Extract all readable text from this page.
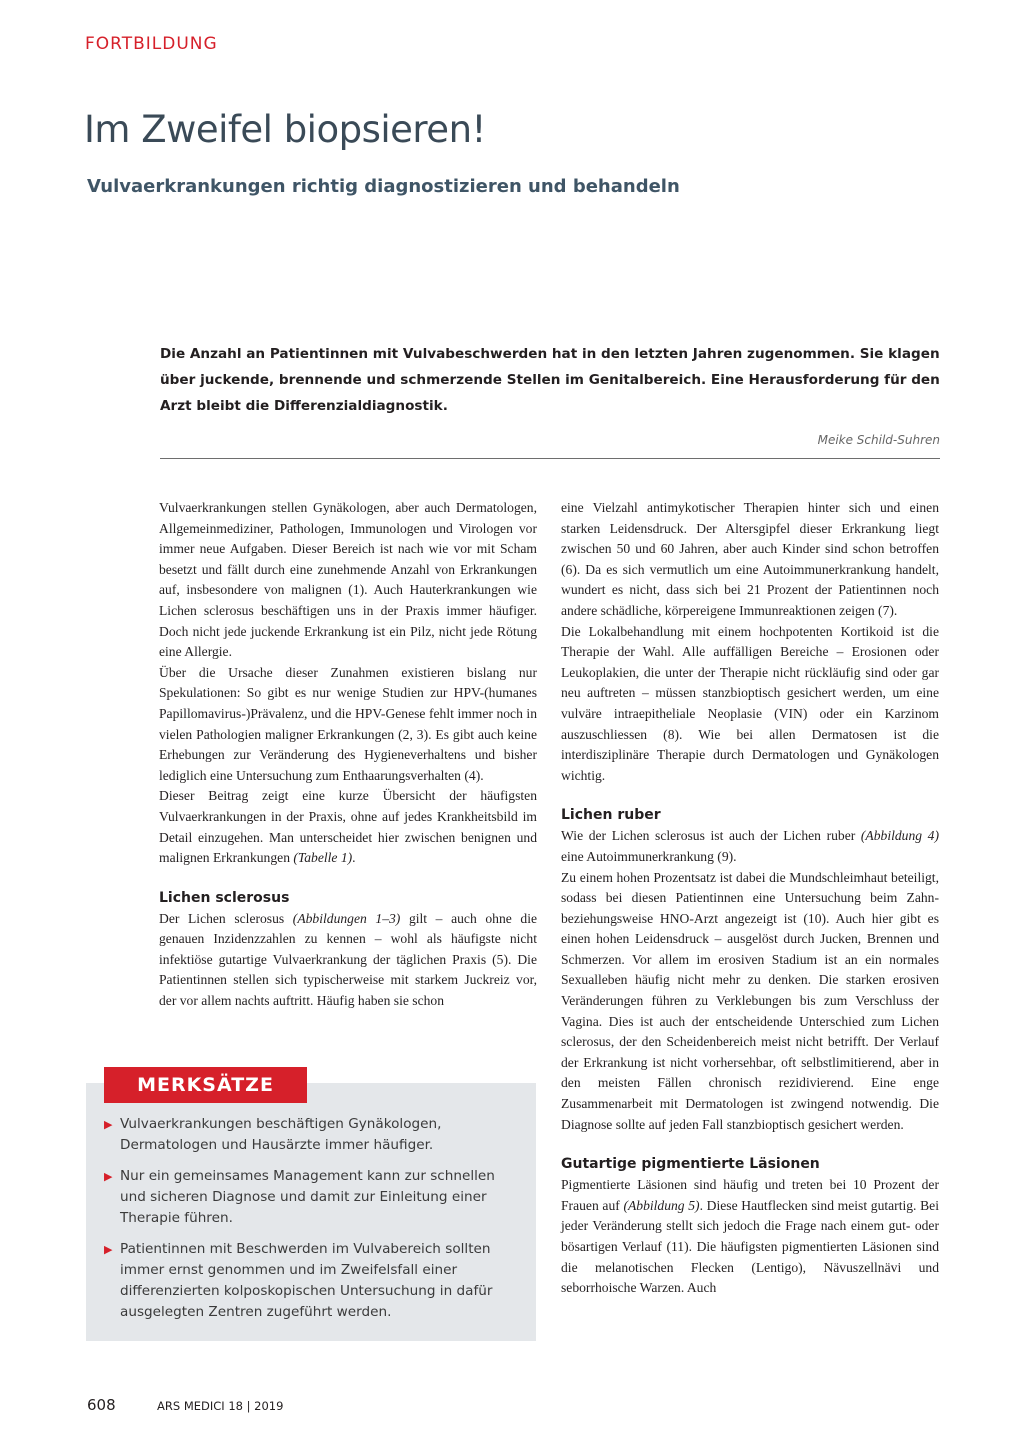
FORTBILDUNG
Im Zweifel biopsieren!
Vulvaerkrankungen richtig diagnostizieren und behandeln

Die Anzahl an Patientinnen mit Vulvabeschwerden hat in den letzten Jahren zugenommen. Sie klagen über juckende, brennende und schmerzende Stellen im Genitalbereich. Eine Herausforderung für den Arzt bleibt die Differenzialdiagnostik.

Meike Schild-Suhren

Vulvaerkrankungen stellen Gynäkologen, aber auch Dermatologen, Allgemeinmediziner, Pathologen, Immunologen und Virologen vor immer neue Aufgaben. Dieser Bereich ist nach wie vor mit Scham besetzt und fällt durch eine zunehmende Anzahl von Erkrankungen auf, insbesondere von malignen (1). Auch Hauterkrankungen wie Lichen sclerosus beschäftigen uns in der Praxis immer häufiger. Doch nicht jede juckende Erkrankung ist ein Pilz, nicht jede Rötung eine Allergie.

Über die Ursache dieser Zunahmen existieren bislang nur Spekulationen: So gibt es nur wenige Studien zur HPV-(humanes Papillomavirus-)Prävalenz, und die HPV-Genese fehlt immer noch in vielen Pathologien maligner Erkrankungen (2, 3). Es gibt auch keine Erhebungen zur Veränderung des Hygieneverhaltens und bisher lediglich eine Untersuchung zum Enthaarungsverhalten (4).

Dieser Beitrag zeigt eine kurze Übersicht der häufigsten Vulvaerkrankungen in der Praxis, ohne auf jedes Krankheitsbild im Detail einzugehen. Man unterscheidet hier zwischen benignen und malignen Erkrankungen (Tabelle 1).

Lichen sclerosus

Der Lichen sclerosus (Abbildungen 1–3) gilt – auch ohne die genauen Inzidenzzahlen zu kennen – wohl als häufigste nicht infektiöse gutartige Vulvaerkrankung der täglichen Praxis (5). Die Patientinnen stellen sich typischerweise mit starkem Juckreiz vor, der vor allem nachts auftritt. Häufig haben sie schon

MERKSÄTZE
▶ Vulvaerkrankungen beschäftigen Gynäkologen, Dermatologen und Hausärzte immer häufiger.
▶ Nur ein gemeinsames Management kann zur schnellen und sicheren Diagnose und damit zur Einleitung einer Therapie führen.
▶ Patientinnen mit Beschwerden im Vulvabereich sollten immer ernst genommen und im Zweifelsfall einer differenzierten kolposkopischen Untersuchung in dafür ausgelegten Zentren zugeführt werden.

eine Vielzahl antimykotischer Therapien hinter sich und einen starken Leidensdruck. Der Altersgipfel dieser Erkrankung liegt zwischen 50 und 60 Jahren, aber auch Kinder sind schon betroffen (6). Da es sich vermutlich um eine Autoimmunerkrankung handelt, wundert es nicht, dass sich bei 21 Prozent der Patientinnen noch andere schädliche, körpereigene Immunreaktionen zeigen (7).

Die Lokalbehandlung mit einem hochpotenten Kortikoid ist die Therapie der Wahl. Alle auffälligen Bereiche – Erosionen oder Leukoplakien, die unter der Therapie nicht rückläufig sind oder gar neu auftreten – müssen stanzbioptisch gesichert werden, um eine vulväre intraepitheliale Neoplasie (VIN) oder ein Karzinom auszuschliessen (8). Wie bei allen Dermatosen ist die interdisziplinäre Therapie durch Dermatologen und Gynäkologen wichtig.

Lichen ruber

Wie der Lichen sclerosus ist auch der Lichen ruber (Abbildung 4) eine Autoimmunerkrankung (9).

Zu einem hohen Prozentsatz ist dabei die Mundschleimhaut beteiligt, sodass bei diesen Patientinnen eine Untersuchung beim Zahn- beziehungsweise HNO-Arzt angezeigt ist (10). Auch hier gibt es einen hohen Leidensdruck – ausgelöst durch Jucken, Brennen und Schmerzen. Vor allem im erosiven Stadium ist an ein normales Sexualleben häufig nicht mehr zu denken. Die starken erosiven Veränderungen führen zu Verklebungen bis zum Verschluss der Vagina. Dies ist auch der entscheidende Unterschied zum Lichen sclerosus, der den Scheidenbereich meist nicht betrifft. Der Verlauf der Erkrankung ist nicht vorhersehbar, oft selbstlimitierend, aber in den meisten Fällen chronisch rezidivierend. Eine enge Zusammenarbeit mit Dermatologen ist zwingend notwendig. Die Diagnose sollte auf jeden Fall stanzbioptisch gesichert werden.

Gutartige pigmentierte Läsionen

Pigmentierte Läsionen sind häufig und treten bei 10 Prozent der Frauen auf (Abbildung 5). Diese Hautflecken sind meist gutartig. Bei jeder Veränderung stellt sich jedoch die Frage nach einem gut- oder bösartigen Verlauf (11). Die häufigsten pigmentierten Läsionen sind die melanotischen Flecken (Lentigo), Nävuszellnävi und seborrhoische Warzen. Auch

608	ARS MEDICI 18 | 2019
